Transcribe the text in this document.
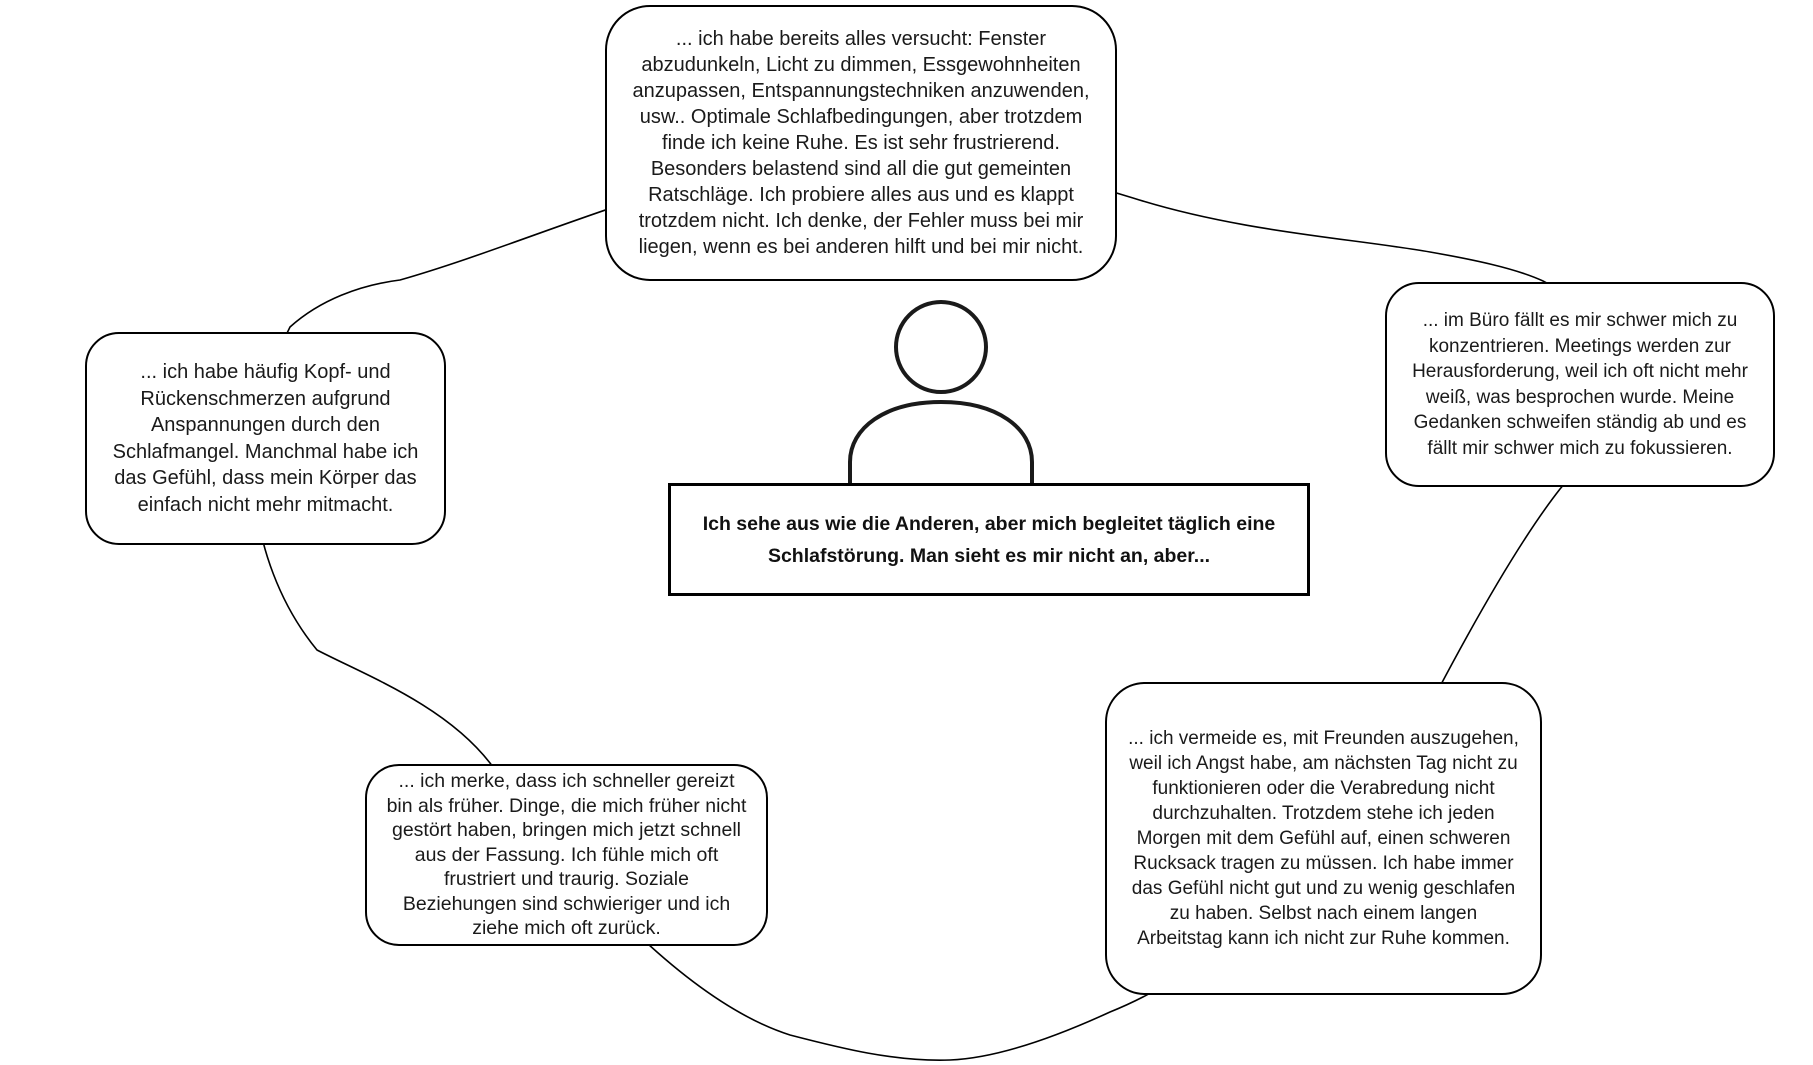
... ich habe bereits alles versucht: Fenster abzudunkeln, Licht zu dimmen, Essgewohnheiten anzupassen, Entspannungstechniken anzuwenden, usw.. Optimale Schlafbedingungen, aber trotzdem finde ich keine Ruhe. Es ist sehr frustrierend. Besonders belastend sind all die gut gemeinten Ratschläge. Ich probiere alles aus und es klappt trotzdem nicht. Ich denke, der Fehler muss bei mir liegen, wenn es bei anderen hilft und bei mir nicht.
... ich habe häufig Kopf- und Rückenschmerzen aufgrund Anspannungen durch den Schlafmangel. Manchmal habe ich das Gefühl, dass mein Körper das einfach nicht mehr mitmacht.
... im Büro fällt es mir schwer mich zu konzentrieren. Meetings werden zur Herausforderung, weil ich oft nicht mehr weiß, was besprochen wurde. Meine Gedanken schweifen ständig ab und es fällt mir schwer mich zu fokussieren.
... ich merke, dass ich schneller gereizt bin als früher. Dinge, die mich früher nicht gestört haben, bringen mich jetzt schnell aus der Fassung. Ich fühle mich oft frustriert und traurig. Soziale Beziehungen sind schwieriger und ich ziehe mich oft zurück.
... ich vermeide es, mit Freunden auszugehen, weil ich Angst habe, am nächsten Tag nicht zu funktionieren oder die Verabredung nicht durchzuhalten. Trotzdem stehe ich jeden Morgen mit dem Gefühl auf, einen schweren Rucksack tragen zu müssen. Ich habe immer das Gefühl nicht gut und zu wenig geschlafen zu haben. Selbst nach einem langen Arbeitstag kann ich nicht zur Ruhe kommen.
Ich sehe aus wie die Anderen, aber mich begleitet täglich eine Schlafstörung. Man sieht es mir nicht an, aber...
